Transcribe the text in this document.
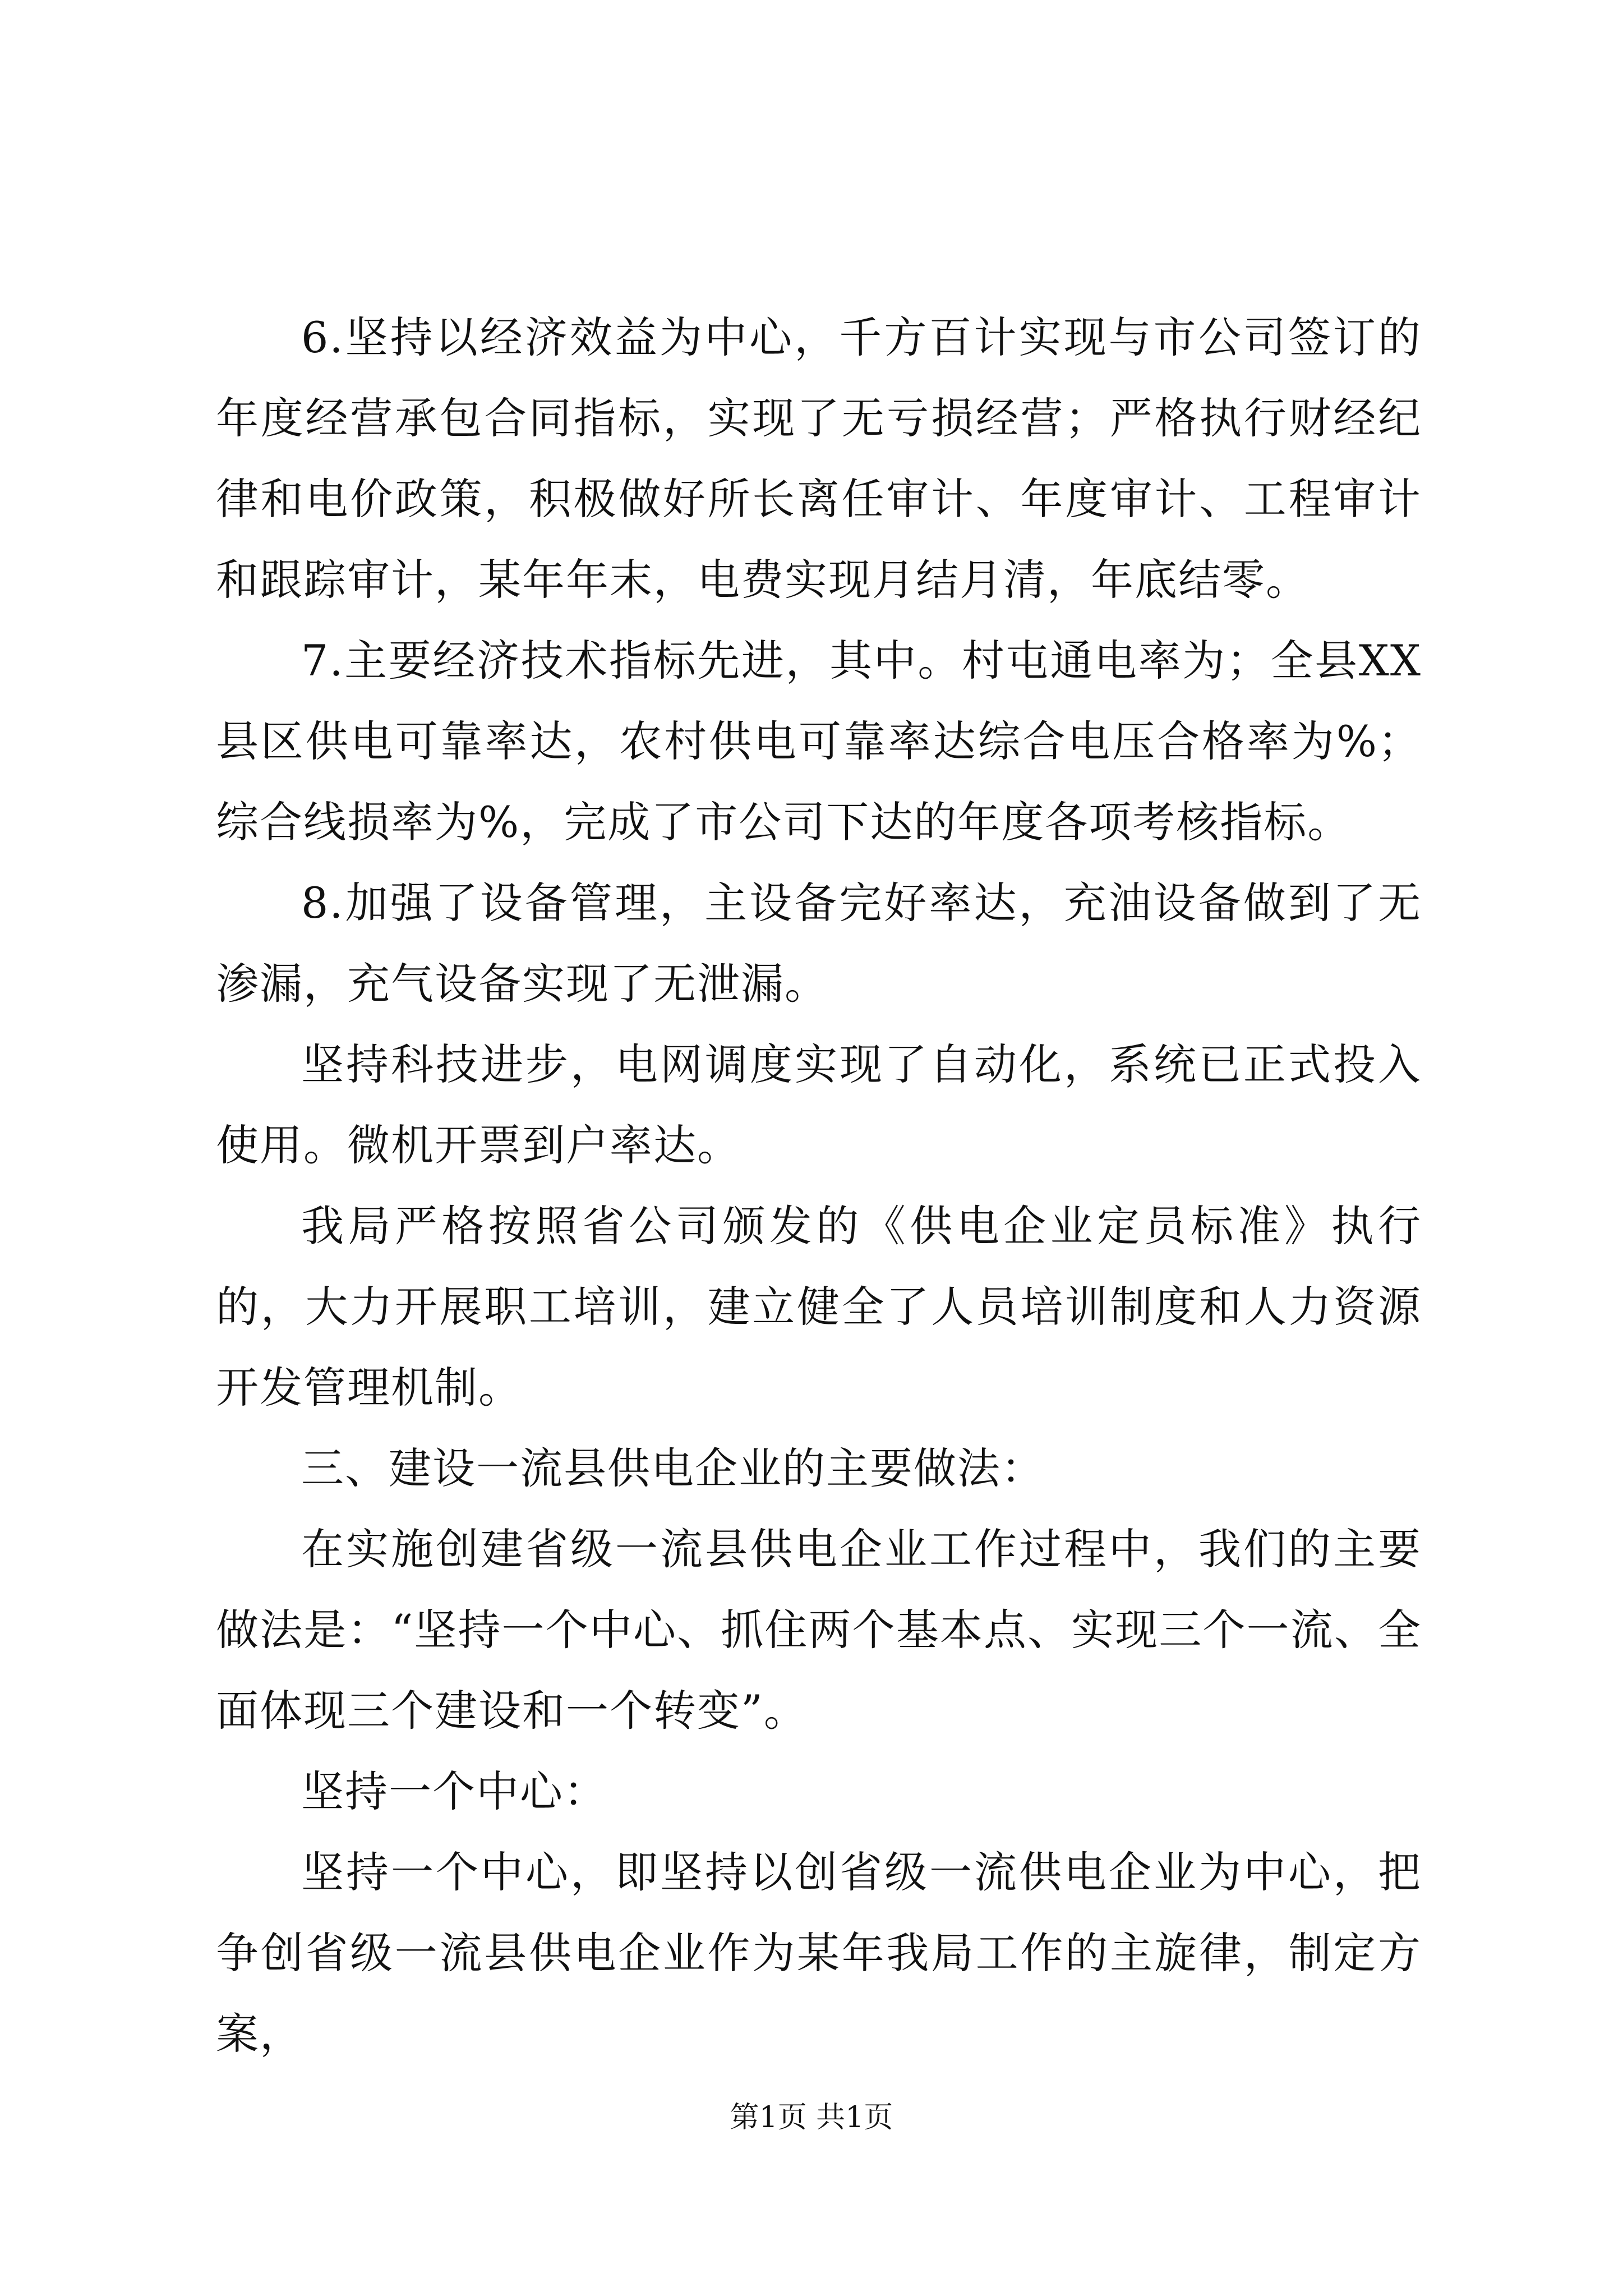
6.坚持以经济效益为中心，千方百计实现与市公司签订的年度经营承包合同指标，实现了无亏损经营；严格执行财经纪律和电价政策，积极做好所长离任审计、年度审计、工程审计和跟踪审计，某年年末，电费实现月结月清，年底结零。

7.主要经济技术指标先进，其中。村屯通电率为；全县XX县区供电可靠率达，农村供电可靠率达综合电压合格率为%；综合线损率为%，完成了市公司下达的年度各项考核指标。

8.加强了设备管理，主设备完好率达，充油设备做到了无渗漏，充气设备实现了无泄漏。

坚持科技进步，电网调度实现了自动化，系统已正式投入使用。微机开票到户率达。

我局严格按照省公司颁发的《供电企业定员标准》执行的，大力开展职工培训，建立健全了人员培训制度和人力资源开发管理机制。

三、建设一流县供电企业的主要做法：

在实施创建省级一流县供电企业工作过程中，我们的主要做法是：“坚持一个中心、抓住两个基本点、实现三个一流、全面体现三个建设和一个转变”。

坚持一个中心：

坚持一个中心，即坚持以创省级一流供电企业为中心，把争创省级一流县供电企业作为某年我局工作的主旋律，制定方案，

第1页 共1页
